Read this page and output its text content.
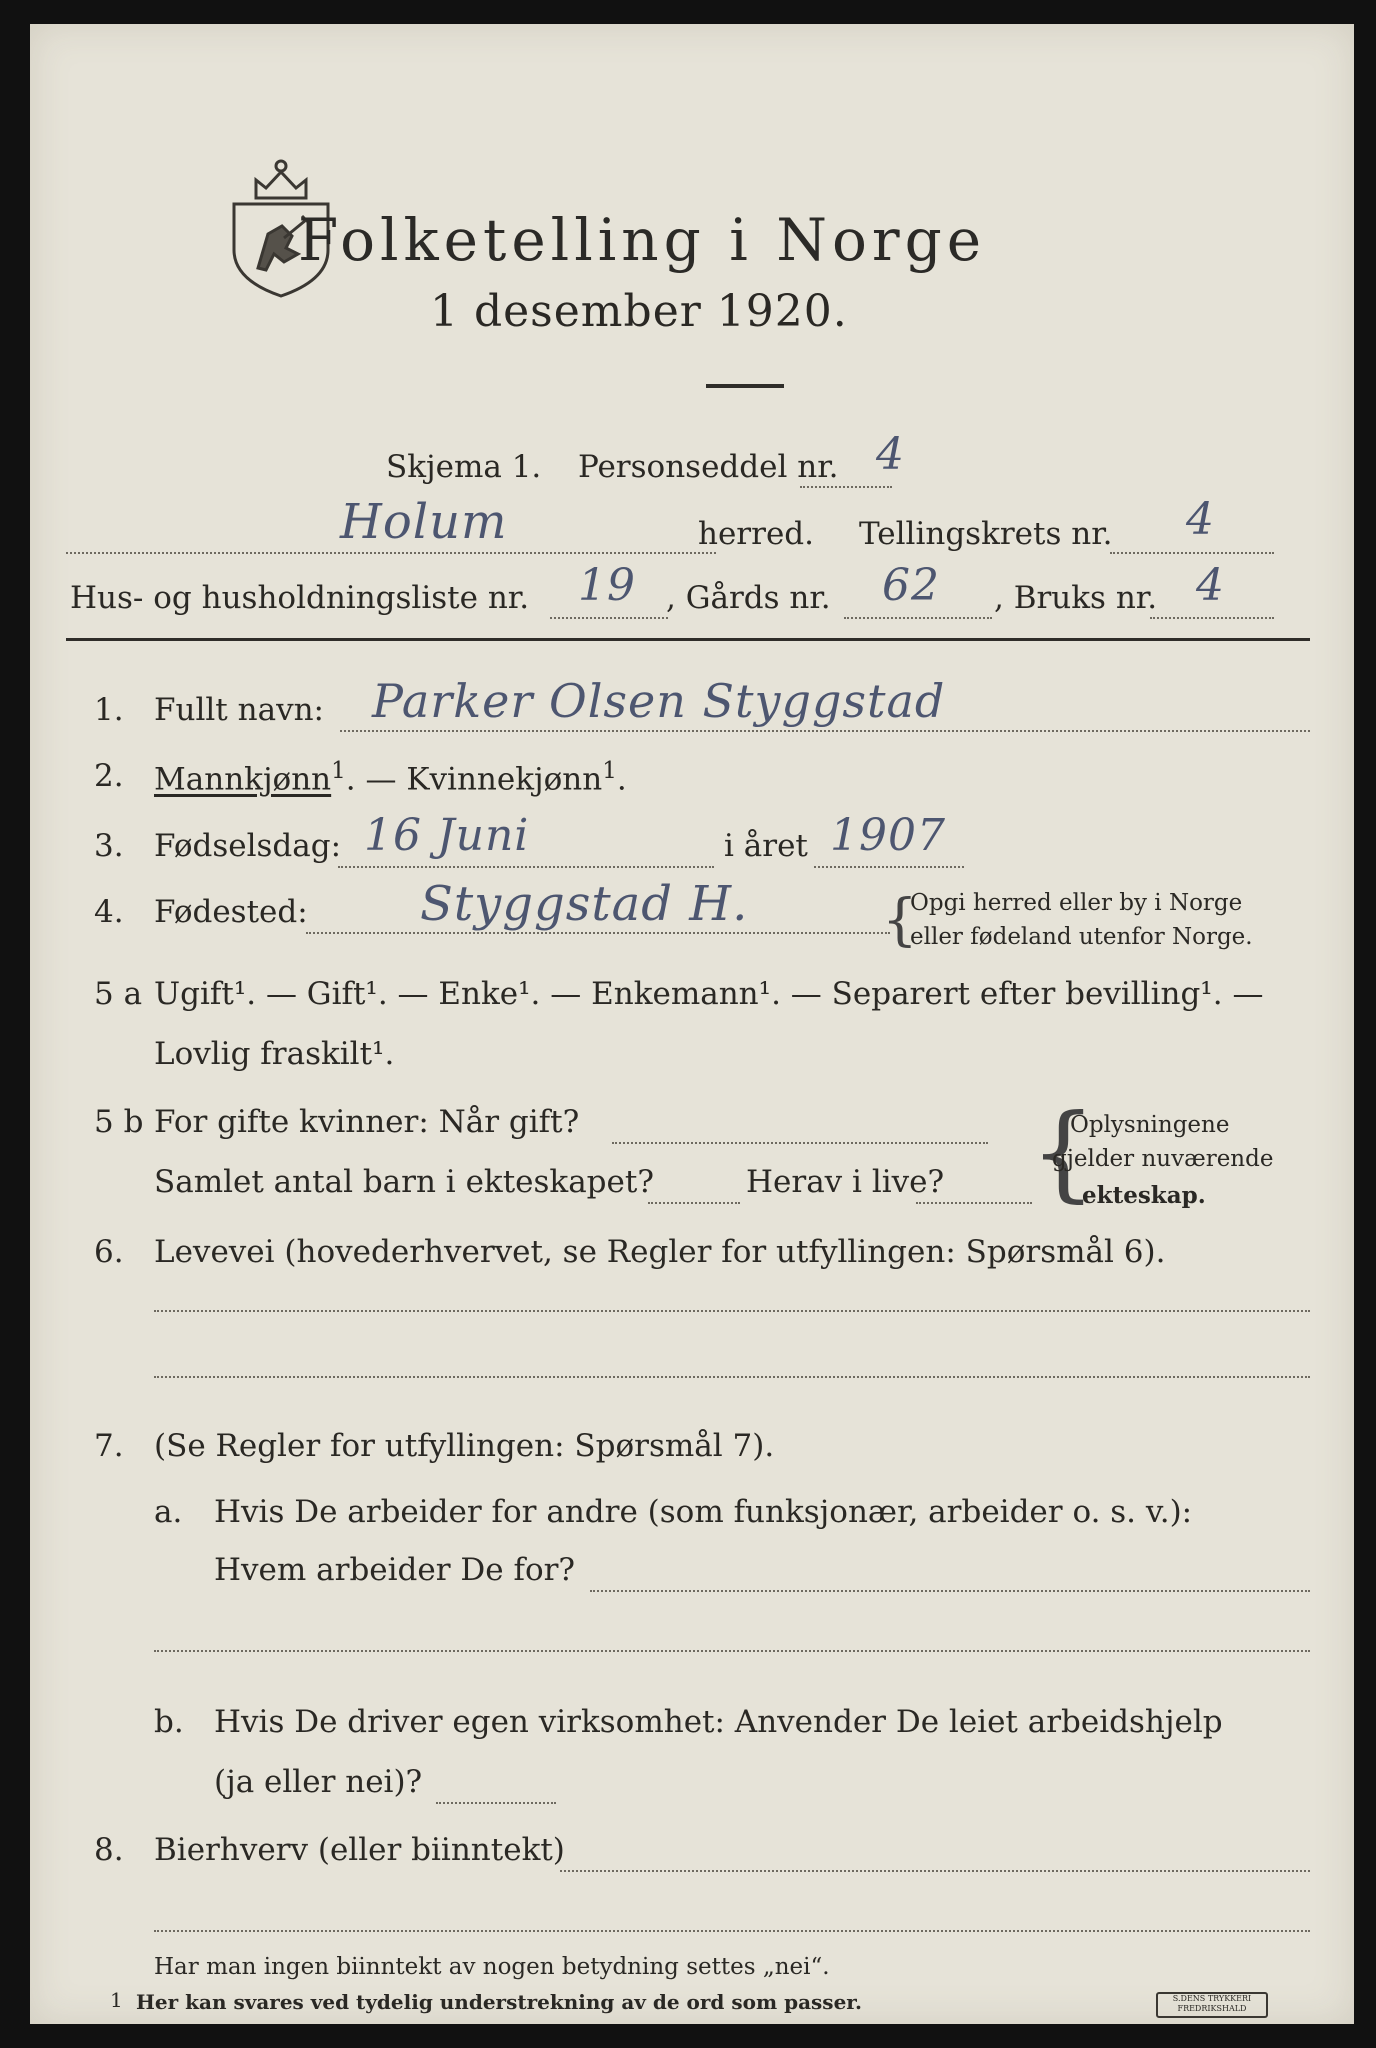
Folketelling i Norge
1 desember 1920.
Skjema 1. Personseddel nr. 4
Holum	herred. Tellingskrets nr. 4
Hus- og husholdningsliste nr. 19 , Gårds nr. 62 , Bruks nr. 4
1. Fullt navn: Parker Olsen Styggstad
2. Mannkjønn$^1$. — Kvinnekjønn$^1$.
3. Fødselsdag: 16 Juni	i året 1907
4. Fødested: Styggstad H. {
Opgi herred eller by i Norge
eller fødeland utenfor Norge.
5 a Ugift¹. — Gift¹. — Enke¹. — Enkemann¹. — Separert efter bevilling¹. —
Lovlig fraskilt¹.
5 b For gifte kvinner: Når gift?
Samlet antal barn i ekteskapet?	Herav i live? {
Oplysningene
gjelder nuværende
ekteskap.
6. Levevei (hovederhvervet, se Regler for utfyllingen: Spørsmål 6).
7. (Se Regler for utfyllingen: Spørsmål 7).
a. Hvis De arbeider for andre (som funksjonær, arbeider o. s. v.):
Hvem arbeider De for?
b. Hvis De driver egen virksomhet: Anvender De leiet arbeidshjelp
(ja eller nei)?
8. Bierhverv (eller biinntekt)
Har man ingen biinntekt av nogen betydning settes „nei“.
1 Her kan svares ved tydelig understrekning av de ord som passer.	S.DENS TRYKKERI
FREDRIKSHALD
